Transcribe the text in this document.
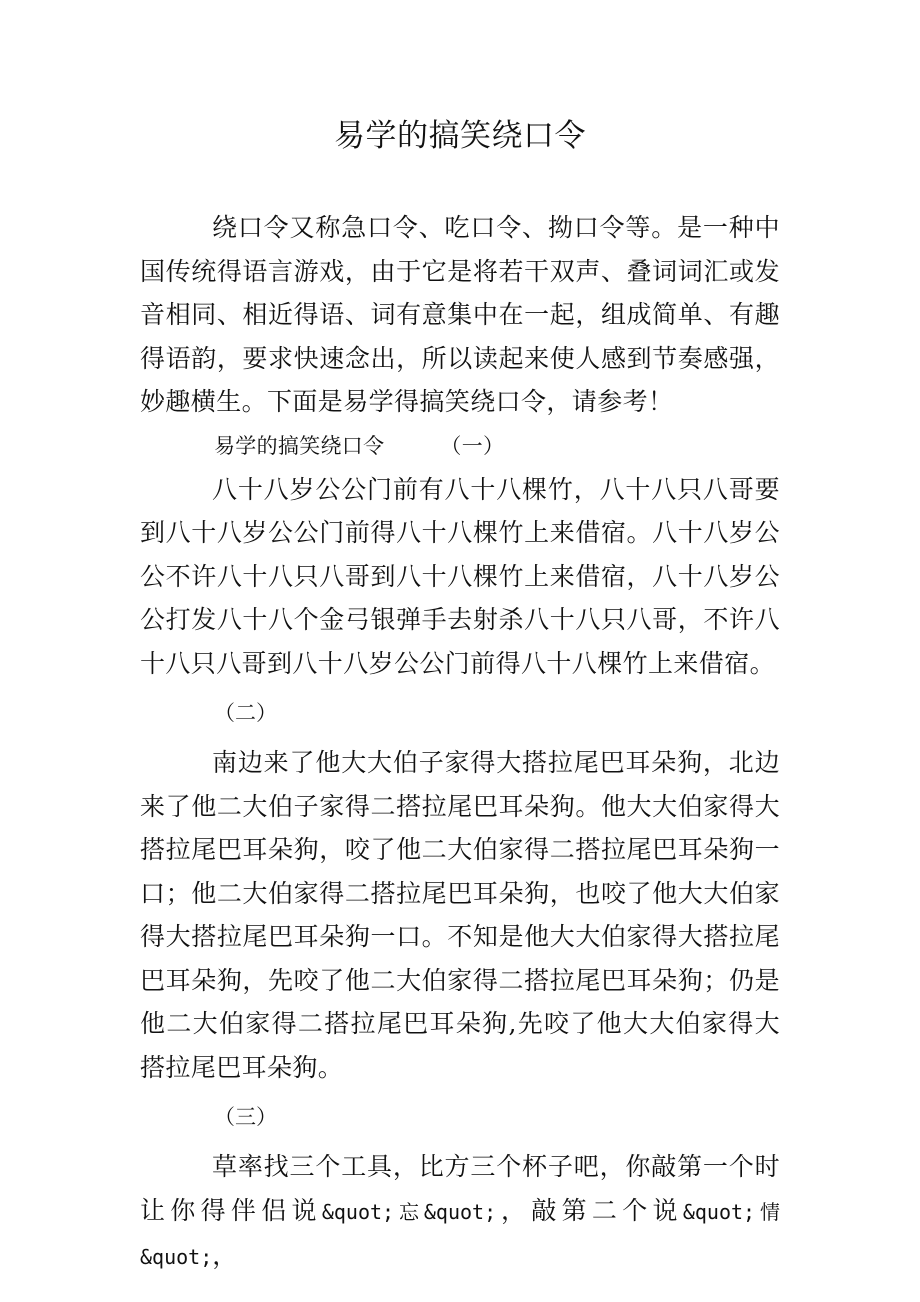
易学的搞笑绕口令

绕口令又称急口令、吃口令、拗口令等。是一种中国传统得语言游戏，由于它是将若干双声、叠词词汇或发音相同、相近得语、词有意集中在一起，组成简单、有趣得语韵，要求快速念出，所以读起来使人感到节奏感强，妙趣横生。下面是易学得搞笑绕口令，请参考！

易学的搞笑绕口令	（一）

八十八岁公公门前有八十八棵竹，八十八只八哥要到八十八岁公公门前得八十八棵竹上来借宿。八十八岁公公不许八十八只八哥到八十八棵竹上来借宿，八十八岁公公打发八十八个金弓银弹手去射杀八十八只八哥，不许八十八只八哥到八十八岁公公门前得八十八棵竹上来借宿。

（二）

南边来了他大大伯子家得大搭拉尾巴耳朵狗，北边来了他二大伯子家得二搭拉尾巴耳朵狗。他大大伯家得大搭拉尾巴耳朵狗，咬了他二大伯家得二搭拉尾巴耳朵狗一口；他二大伯家得二搭拉尾巴耳朵狗，也咬了他大大伯家得大搭拉尾巴耳朵狗一口。不知是他大大伯家得大搭拉尾巴耳朵狗，先咬了他二大伯家得二搭拉尾巴耳朵狗；仍是他二大伯家得二搭拉尾巴耳朵狗,先咬了他大大伯家得大搭拉尾巴耳朵狗。

（三）

草率找三个工具，比方三个杯子吧，你敲第一个时让你得伴侣说&quot;忘&quot;，敲第二个说&quot;情&quot;，
